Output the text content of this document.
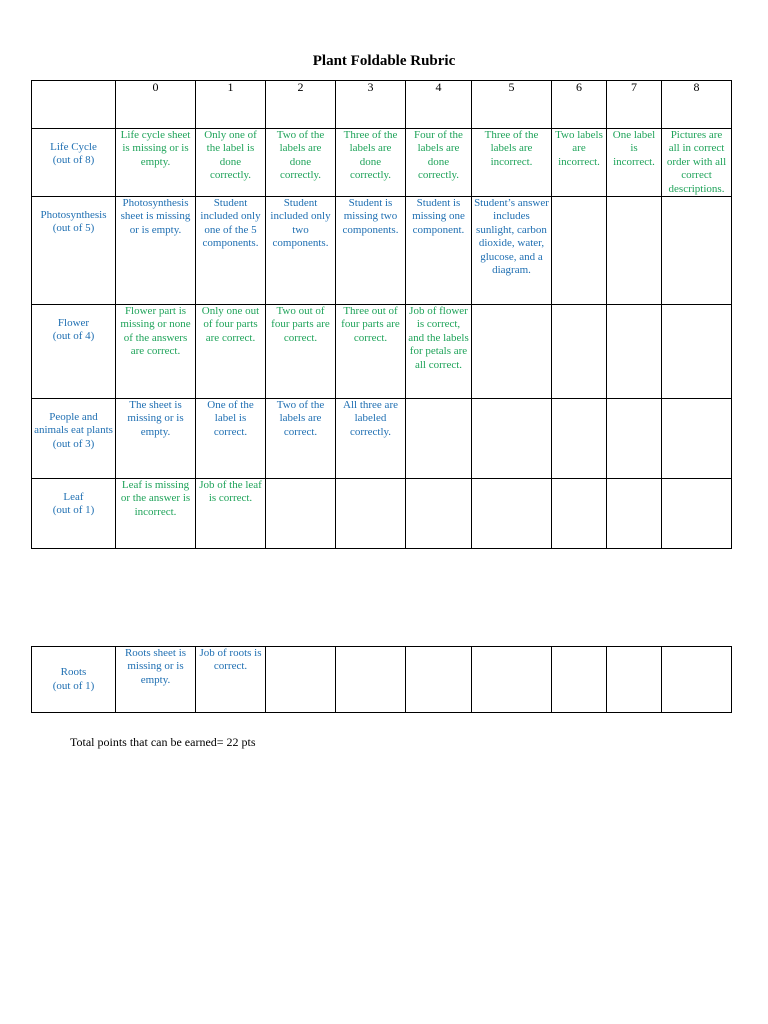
Plant Foldable Rubric
	0	1	2	3	4	5	6	7	8

Life Cycle
(out of 8)	Life cycle sheet is missing or is empty.	Only one of the label is done correctly.	Two of the labels are done correctly.	Three of the labels are done correctly.	Four of the labels are done correctly.	Three of the labels are incorrect.	Two labels are incorrect.	One label is incorrect.	Pictures are all in correct order with all correct descriptions.

Photosynthesis
(out of 5)	Photosynthesis sheet is missing or is empty.	Student included only one of the 5 components.	Student included only two components.	Student is missing two components.	Student is missing one component.	Student’s answer includes sunlight, carbon dioxide, water, glucose, and a diagram.			

Flower
(out of 4)	Flower part is missing or none of the answers are correct.	Only one out of four parts are correct.	Two out of four parts are correct.	Three out of four parts are correct.	Job of flower is correct, and the labels for petals are all correct.				

People and animals eat plants
(out of 3)	The sheet is missing or is empty.	One of the label is correct.	Two of the labels are correct.	All three are labeled correctly.					

Leaf
(out of 1)	Leaf is missing or the answer is incorrect.	Job of the leaf is correct.							
Roots
(out of 1)
	Roots sheet is missing or is empty.	Job of roots is correct.							
Total points that can be earned= 22 pts
